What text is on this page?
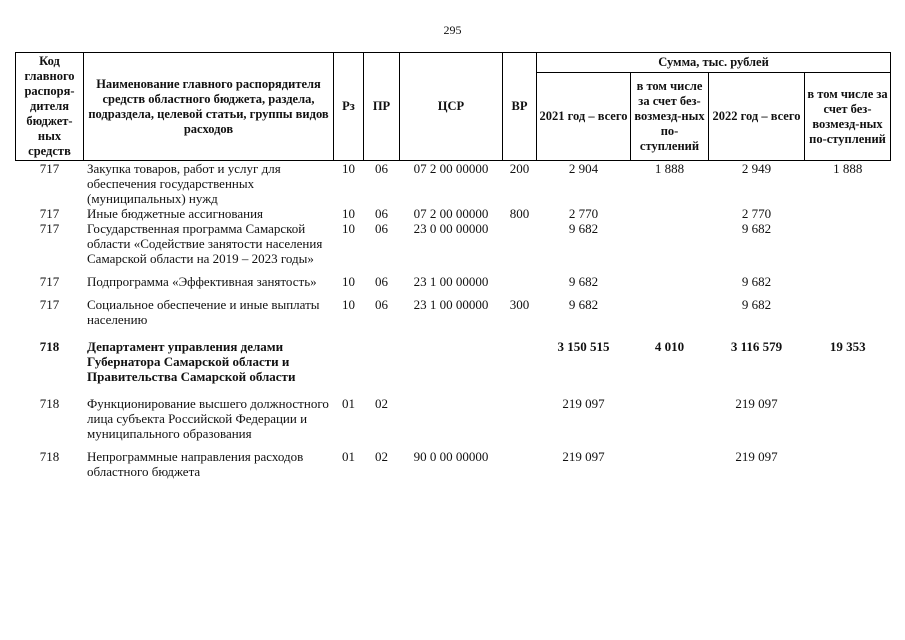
295
Код главного распоря-дителя бюджет-ных средств	Наименование главного распорядителя средств областного бюджета, раздела, подраздела, целевой статьи, группы видов расходов	Рз	ПР	ЦСР	ВР	Сумма, тыс. рублей			
						2021 год – всего	в том числе за счет без-возмезд-ных по-ступлений	2022 год – всего	в том числе за счет без-возмезд-ных по-ступлений
717	Закупка товаров, работ и услуг для обеспечения государственных (муниципальных) нужд	10	06	07 2 00 00000	200	2 904	1 888	2 949	1 888
717	Иные бюджетные ассигнования	10	06	07 2 00 00000	800	2 770		2 770	
717	Государственная программа Самарской области «Содействие занятости населения Самарской области на 2019 – 2023 годы»	10	06	23 0 00 00000		9 682		9 682	
717	Подпрограмма «Эффективная занятость»	10	06	23 1 00 00000		9 682		9 682	
717	Социальное обеспечение и иные выплаты населению	10	06	23 1 00 00000	300	9 682		9 682	
718	Департамент управления делами Губернатора Самарской области и Правительства Самарской области					3 150 515	4 010	3 116 579	19 353
718	Функционирование высшего должностного лица субъекта Российской Федерации и муниципального образования	01	02			219 097		219 097	
718	Непрограммные направления расходов областного бюджета	01	02	90 0 00 00000		219 097		219 097	
